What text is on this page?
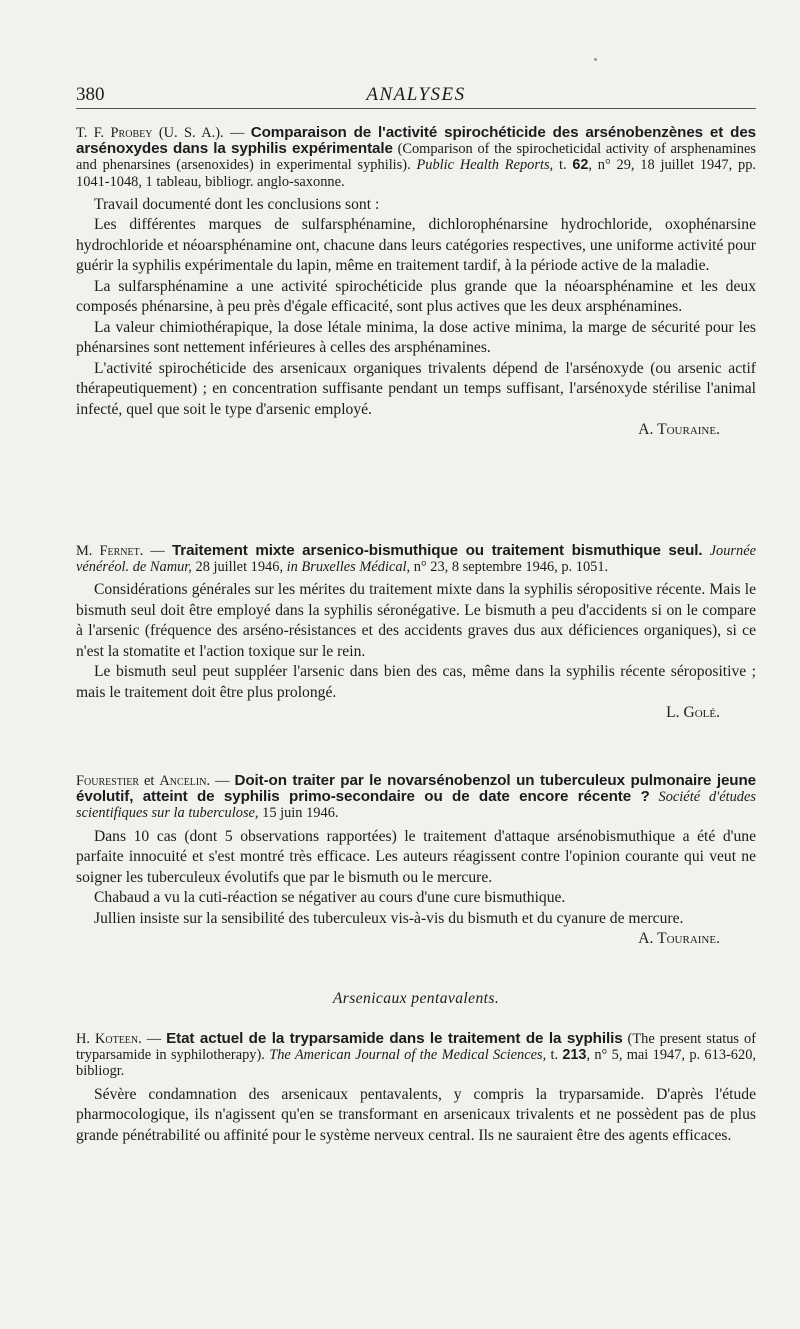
380	ANALYSES

T. F. Probey (U. S. A.). — Comparaison de l'activité spirochéticide des arsénobenzènes et des arsénoxydes dans la syphilis expérimentale (Comparison of the spirocheticidal activity of arsphenamines and phenarsines (arsenoxides) in experimental syphilis). Public Health Reports, t. 62, n° 29, 18 juillet 1947, pp. 1041-1048, 1 tableau, bibliogr. anglo-saxonne.

Travail documenté dont les conclusions sont :

Les différentes marques de sulfarsphénamine, dichlorophénarsine hydrochloride, oxophénarsine hydrochloride et néoarsphénamine ont, chacune dans leurs catégories respectives, une uniforme activité pour guérir la syphilis expérimentale du lapin, même en traitement tardif, à la période active de la maladie.

La sulfarsphénamine a une activité spirochéticide plus grande que la néoarsphénamine et les deux composés phénarsine, à peu près d'égale efficacité, sont plus actives que les deux arsphénamines.

La valeur chimiothérapique, la dose létale minima, la dose active minima, la marge de sécurité pour les phénarsines sont nettement inférieures à celles des arsphénamines.

L'activité spirochéticide des arsenicaux organiques trivalents dépend de l'arsénoxyde (ou arsenic actif thérapeutiquement) ; en concentration suffisante pendant un temps suffisant, l'arsénoxyde stérilise l'animal infecté, quel que soit le type d'arsenic employé.

A. Touraine.

M. Fernet. — Traitement mixte arsenico-bismuthique ou traitement bismuthique seul. Journée vénéréol. de Namur, 28 juillet 1946, in Bruxelles Médical, n° 23, 8 septembre 1946, p. 1051.

Considérations générales sur les mérites du traitement mixte dans la syphilis séropositive récente. Mais le bismuth seul doit être employé dans la syphilis séronégative. Le bismuth a peu d'accidents si on le compare à l'arsenic (fréquence des arséno-résistances et des accidents graves dus aux déficiences organiques), si ce n'est la stomatite et l'action toxique sur le rein.

Le bismuth seul peut suppléer l'arsenic dans bien des cas, même dans la syphilis récente séropositive ; mais le traitement doit être plus prolongé.

L. Golé.

Fourestier et Ancelin. — Doit-on traiter par le novarsénobenzol un tuberculeux pulmonaire jeune évolutif, atteint de syphilis primo-secondaire ou de date encore récente ? Société d'études scientifiques sur la tuberculose, 15 juin 1946.

Dans 10 cas (dont 5 observations rapportées) le traitement d'attaque arsénobismuthique a été d'une parfaite innocuité et s'est montré très efficace. Les auteurs réagissent contre l'opinion courante qui veut ne soigner les tuberculeux évolutifs que par le bismuth ou le mercure.

Chabaud a vu la cuti-réaction se négativer au cours d'une cure bismuthique.

Jullien insiste sur la sensibilité des tuberculeux vis-à-vis du bismuth et du cyanure de mercure.

A. Touraine.
Arsenicaux pentavalents.

H. Koteen. — Etat actuel de la tryparsamide dans le traitement de la syphilis (The present status of tryparsamide in syphilotherapy). The American Journal of the Medical Sciences, t. 213, n° 5, mai 1947, p. 613-620, bibliogr.

Sévère condamnation des arsenicaux pentavalents, y compris la tryparsamide. D'après l'étude pharmocologique, ils n'agissent qu'en se transformant en arsenicaux trivalents et ne possèdent pas de plus grande pénétrabilité ou affinité pour le système nerveux central. Ils ne sauraient être des agents efficaces.
